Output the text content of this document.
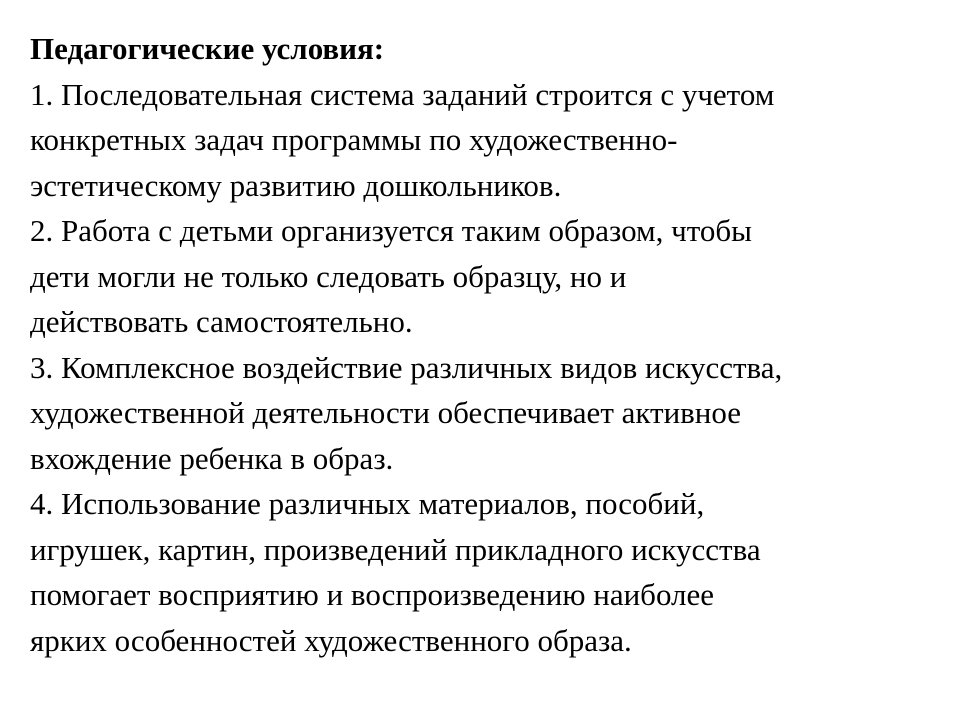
Педагогические условия:
1. Последовательная система заданий строится с учетом
конкретных задач программы по художественно-
эстетическому развитию дошкольников.
2. Работа с детьми организуется таким образом, чтобы
дети могли не только следовать образцу, но и
действовать самостоятельно.
3. Комплексное воздействие различных видов искусства,
художественной деятельности обеспечивает активное
вхождение ребенка в образ.
4. Использование различных материалов, пособий,
игрушек, картин, произведений прикладного искусства
помогает восприятию и воспроизведению наиболее
ярких особенностей художественного образа.
